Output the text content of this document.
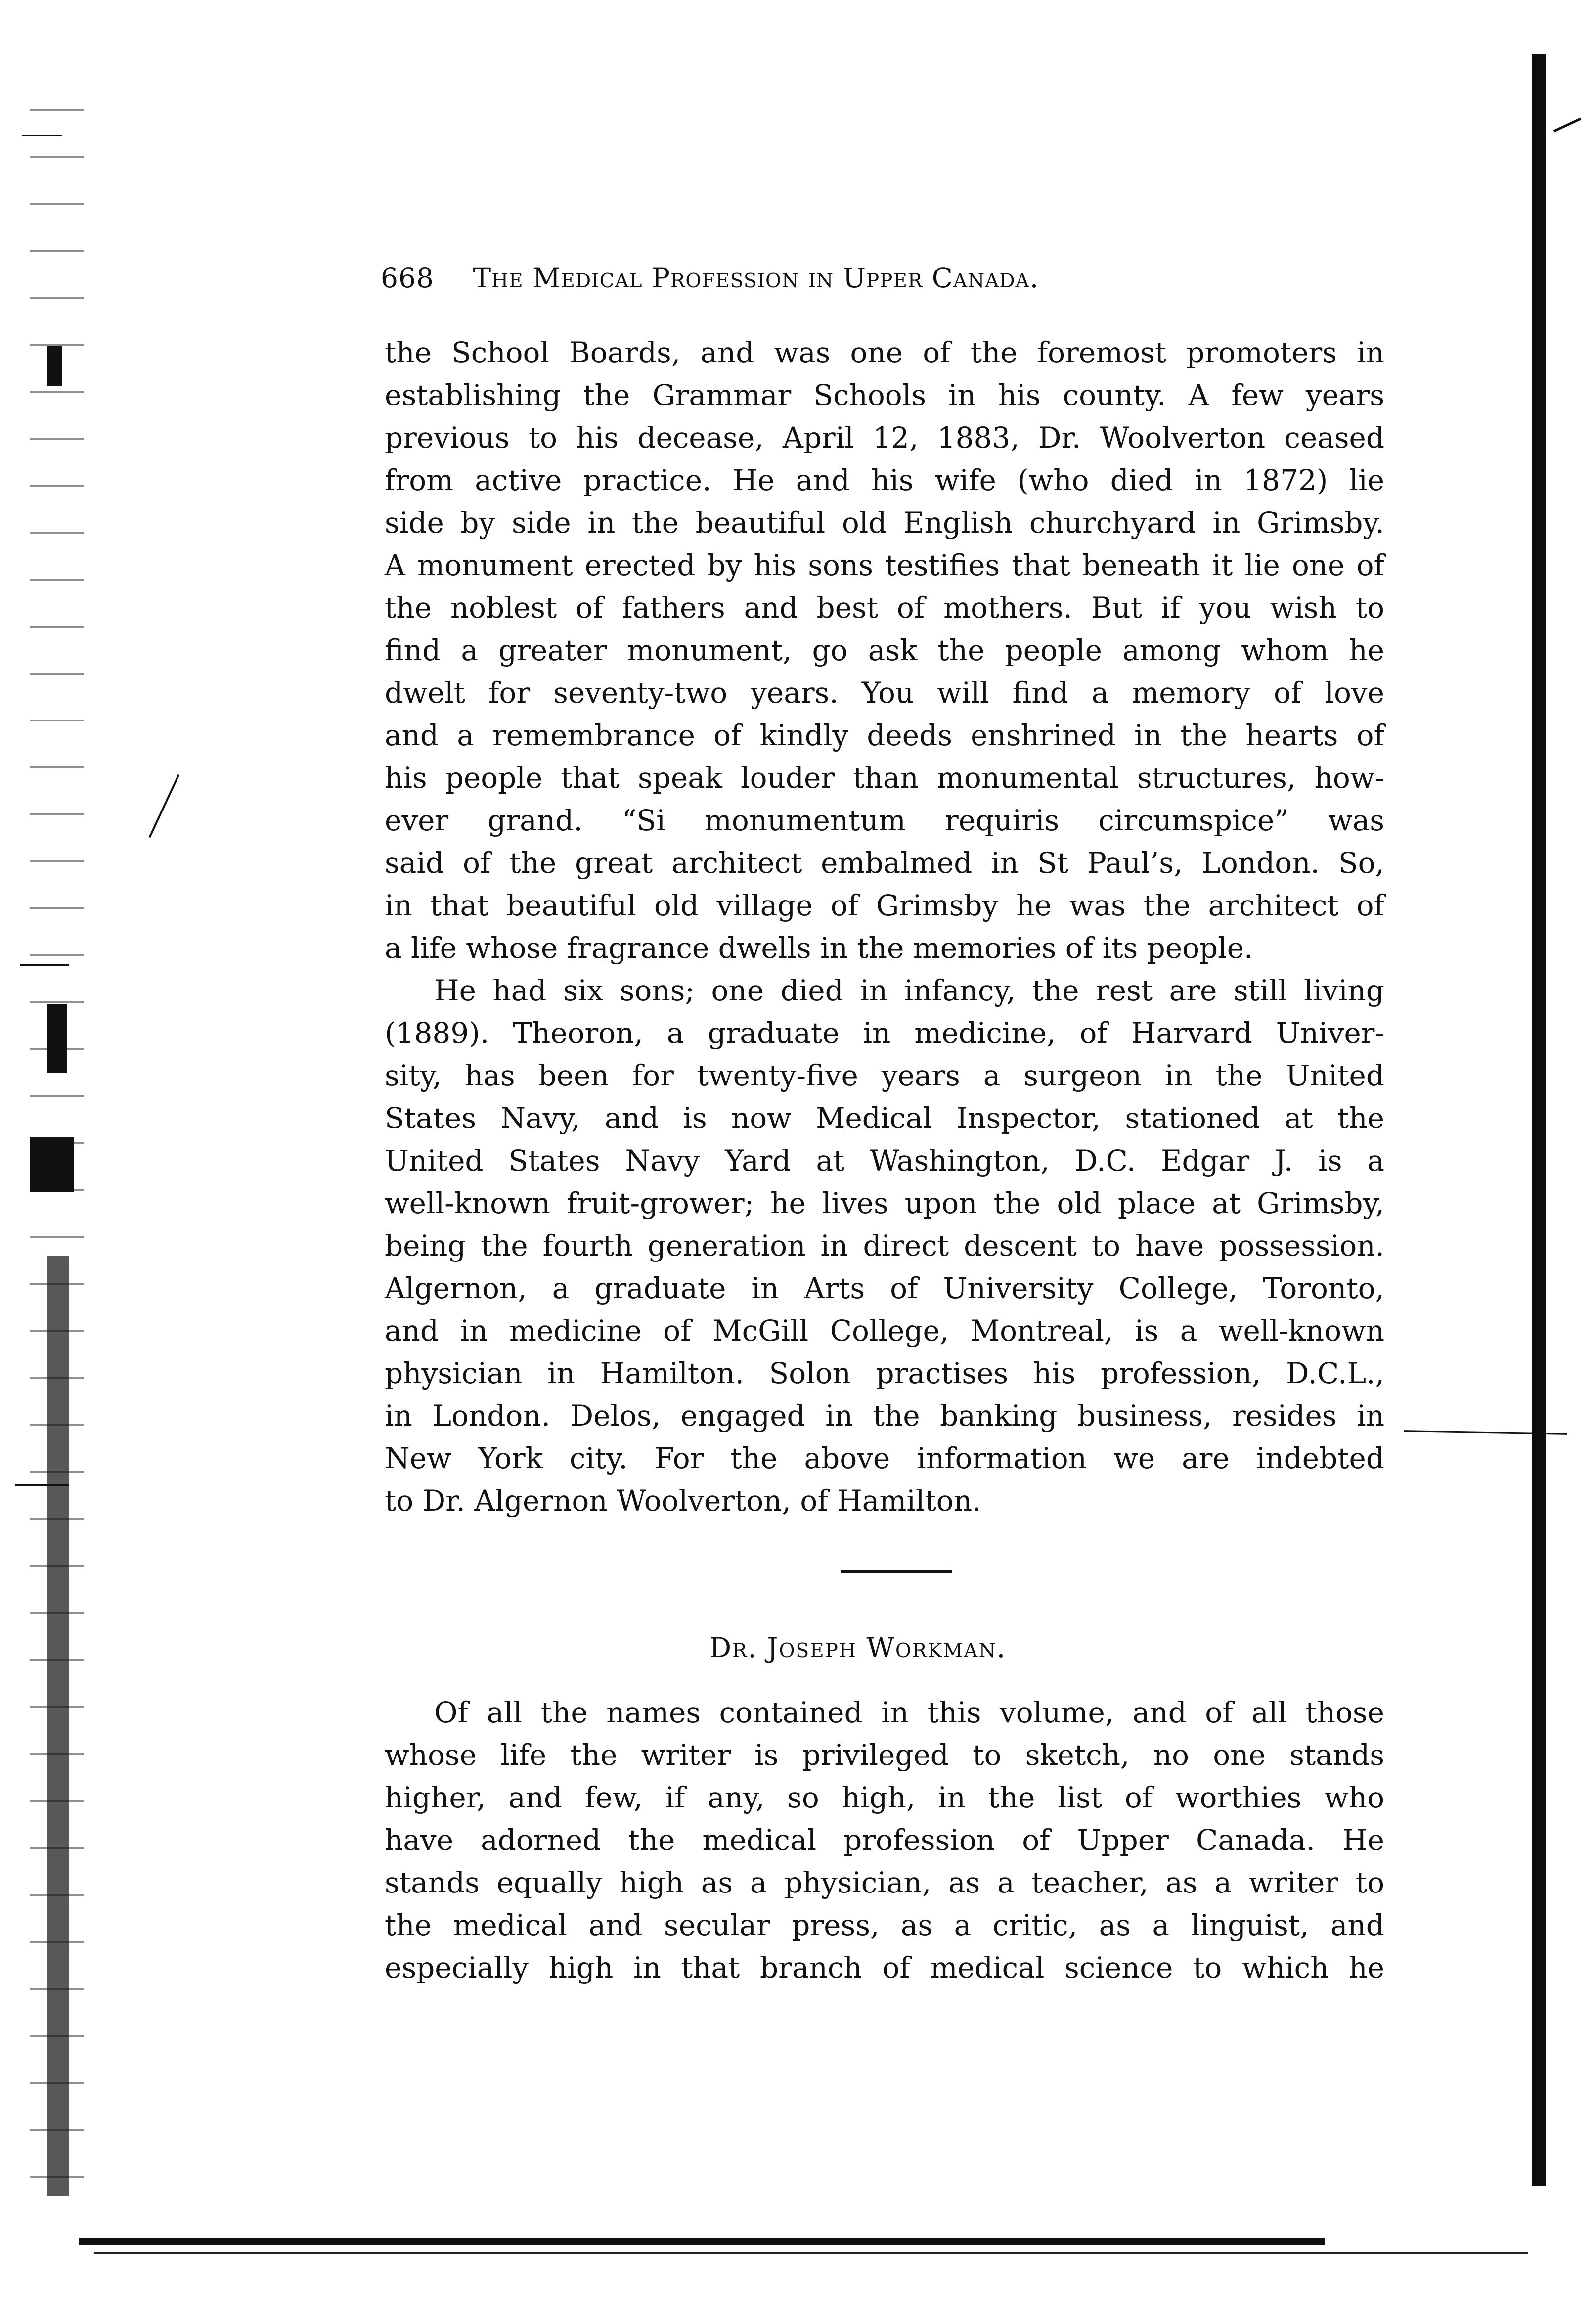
668 The Medical Profession in Upper Canada.

the School Boards, and was one of the foremost promoters in

establishing the Grammar Schools in his county. A few years

previous to his decease, April 12, 1883, Dr. Woolverton ceased

from active practice. He and his wife (who died in 1872) lie

side by side in the beautiful old English churchyard in Grimsby.

A monument erected by his sons testifies that beneath it lie one of

the noblest of fathers and best of mothers. But if you wish to

find a greater monument, go ask the people among whom he

dwelt for seventy-two years. You will find a memory of love

and a remembrance of kindly deeds enshrined in the hearts of

his people that speak louder than monumental structures, how-

ever grand. “Si monumentum requiris circumspice” was

said of the great architect embalmed in St Paul’s, London. So,

in that beautiful old village of Grimsby he was the architect of

a life whose fragrance dwells in the memories of its people.

He had six sons; one died in infancy, the rest are still living

(1889). Theoron, a graduate in medicine, of Harvard Univer-

sity, has been for twenty-five years a surgeon in the United

States Navy, and is now Medical Inspector, stationed at the

United States Navy Yard at Washington, D.C. Edgar J. is a

well-known fruit-grower; he lives upon the old place at Grimsby,

being the fourth generation in direct descent to have possession.

Algernon, a graduate in Arts of University College, Toronto,

and in medicine of McGill College, Montreal, is a well-known

physician in Hamilton. Solon practises his profession, D.C.L.,

in London. Delos, engaged in the banking business, resides in

New York city. For the above information we are indebted

to Dr. Algernon Woolverton, of Hamilton.

Dr. Joseph Workman.

Of all the names contained in this volume, and of all those

whose life the writer is privileged to sketch, no one stands

higher, and few, if any, so high, in the list of worthies who

have adorned the medical profession of Upper Canada. He

stands equally high as a physician, as a teacher, as a writer to

the medical and secular press, as a critic, as a linguist, and

especially high in that branch of medical science to which he
